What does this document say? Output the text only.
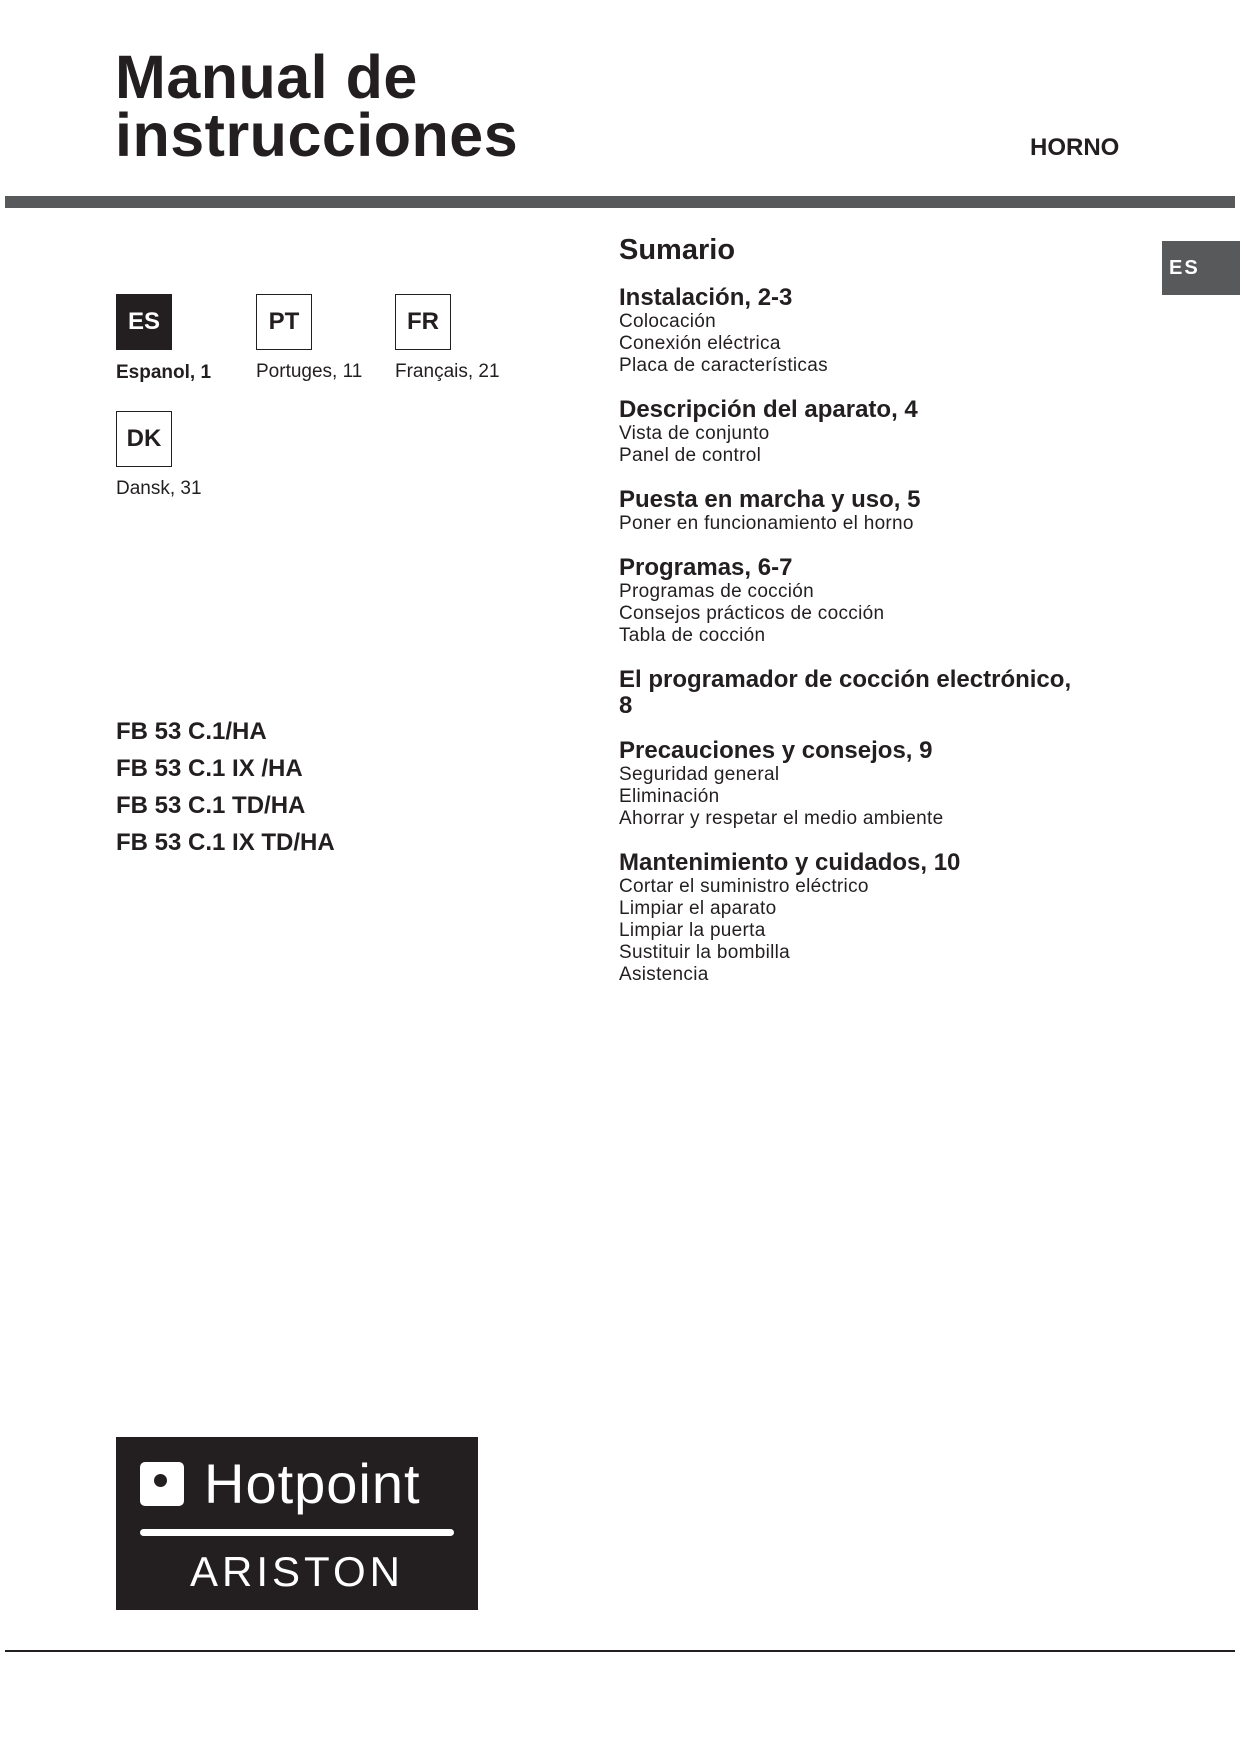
Manual de
instrucciones	HORNO
ES
ES
Espanol, 1
PT
Portuges, 11
FR
Français, 21
DK
Dansk, 31
FB 53 C.1/HA
FB 53 C.1 IX /HA
FB 53 C.1 TD/HA
FB 53 C.1 IX TD/HA
Sumario
Instalación, 2-3
Colocación
Conexión eléctrica
Placa de características
Descripción del aparato, 4
Vista de conjunto
Panel de control
Puesta en marcha y uso, 5
Poner en funcionamiento el horno
Programas, 6-7
Programas de cocción
Consejos prácticos de cocción
Tabla de cocción
El programador de cocción electrónico,
8
Precauciones y consejos, 9
Seguridad general
Eliminación
Ahorrar y respetar el medio ambiente
Mantenimiento y cuidados, 10
Cortar el suministro eléctrico
Limpiar el aparato
Limpiar la puerta
Sustituir la bombilla
Asistencia
Hotpoint
ARISTON
